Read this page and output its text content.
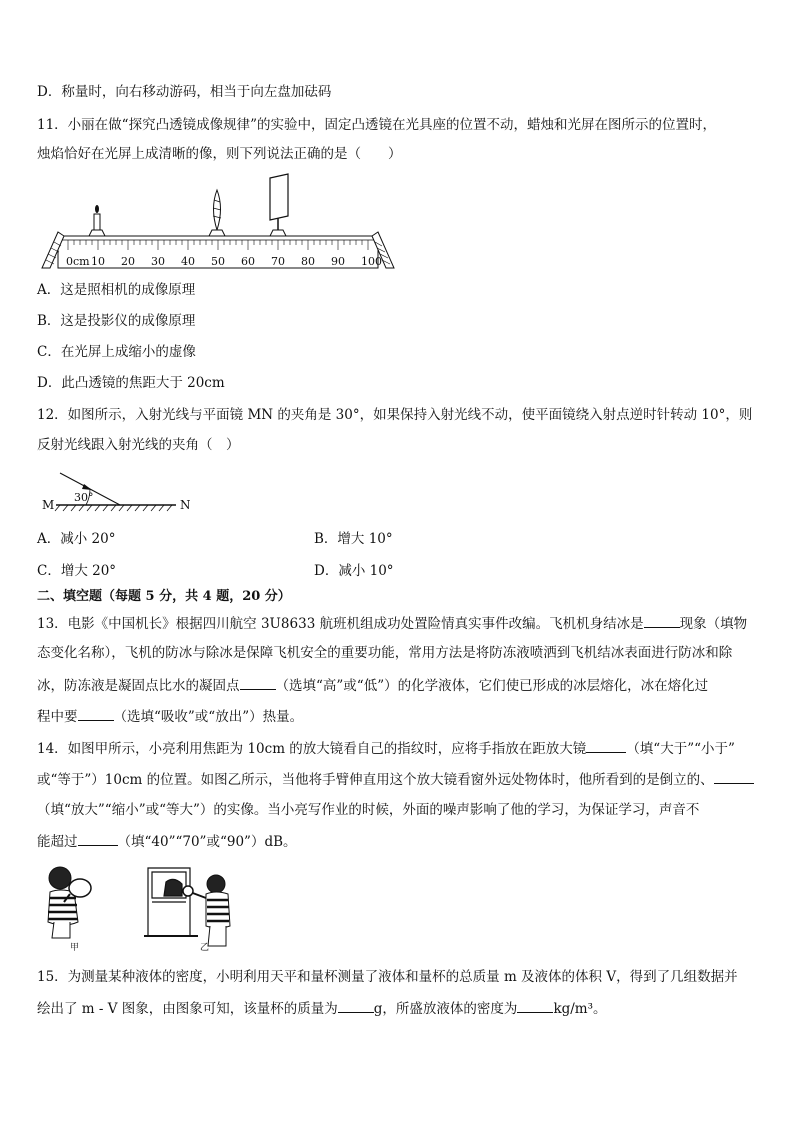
D．称量时，向右移动游码，相当于向左盘加砝码
11．小丽在做“探究凸透镜成像规律”的实验中，固定凸透镜在光具座的位置不动，蜡烛和光屏在图所示的位置时，
烛焰恰好在光屏上成清晰的像，则下列说法正确的是（　　）
0cm 10 20 30 40 50 60 70 80 90 100
A．这是照相机的成像原理
B．这是投影仪的成像原理
C．在光屏上成缩小的虚像
D．此凸透镜的焦距大于 20cm
12．如图所示，入射光线与平面镜 MN 的夹角是 30°，如果保持入射光线不动，使平面镜绕入射点逆时针转动 10°，则
反射光线跟入射光线的夹角（　）
M	N
30°
A．减小 20°	B．增大 10°
C．增大 20°	D．减小 10°
二、填空题（每题 5 分，共 4 题，20 分）
13．电影《中国机长》根据四川航空 3U8633 航班机组成功处置险情真实事件改编。飞机机身结冰是	现象（填物
态变化名称），飞机的防冰与除冰是保障飞机安全的重要功能，常用方法是将防冻液喷洒到飞机结冰表面进行防冰和除
冰，防冻液是凝固点比水的凝固点	（选填“高”或“低”）的化学液体，它们使已形成的冰层熔化，冰在熔化过
程中要	（选填“吸收”或“放出”）热量。
14．如图甲所示，小亮利用焦距为 10cm 的放大镜看自己的指纹时，应将手指放在距放大镜	（填“大于”“小于”
或“等于”）10cm 的位置。如图乙所示，当他将手臂伸直用这个放大镜看窗外远处物体时，他所看到的是倒立的、
（填“放大”“缩小”或“等大”）的实像。当小亮写作业的时候，外面的噪声影响了他的学习，为保证学习，声音不
能超过	（填“40”“70”或“90”）dB。
甲	乙
15．为测量某种液体的密度，小明利用天平和量杯测量了液体和量杯的总质量 m 及液体的体积 V，得到了几组数据并
绘出了 m - V 图象，由图象可知，该量杯的质量为	g，所盛放液体的密度为	kg/m³。
